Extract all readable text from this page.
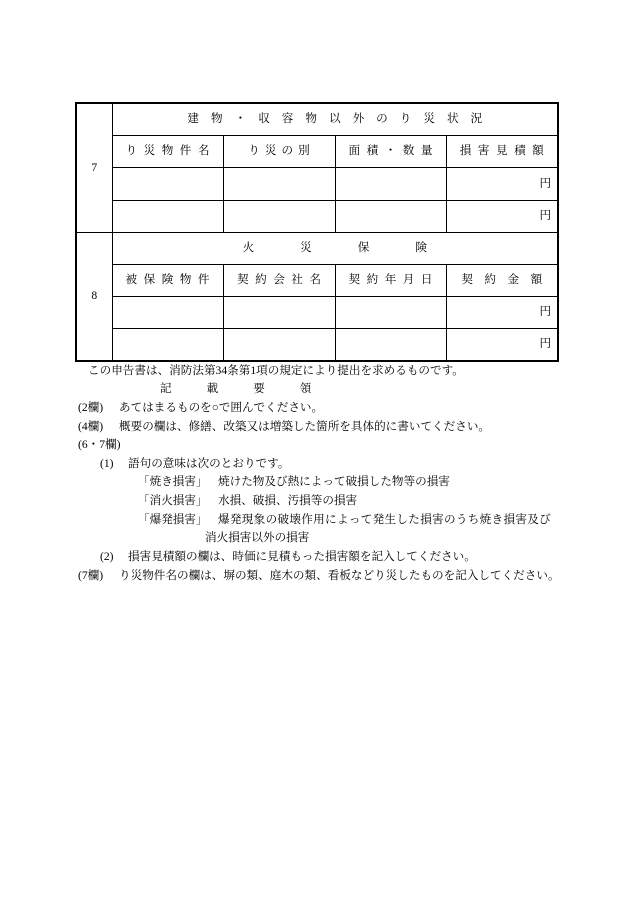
7	建物・収容物以外のり災状況			
	り災物件名	り災の別	面積・数量	損害見積額
				円
				円
8	火災保険			
	被保険物件	契約会社名	契約年月日	契約金額
				円
				円
この申告書は、消防法第34条第1項の規定により提出を求めるものです。
記載要領
(2欄) あてはまるものを○で囲んでください。
(4欄) 概要の欄は、修繕、改築又は増築した箇所を具体的に書いてください。
(6・7欄)
(1) 語句の意味は次のとおりです。
「焼き損害」 焼けた物及び熱によって破損した物等の損害
「消火損害」 水損、破損、汚損等の損害
「爆発損害」 爆発現象の破壊作用によって発生した損害のうち焼き損害及び
消火損害以外の損害
(2) 損害見積額の欄は、時価に見積もった損害額を記入してください。
(7欄) り災物件名の欄は、塀の類、庭木の類、看板などり災したものを記入してください。
